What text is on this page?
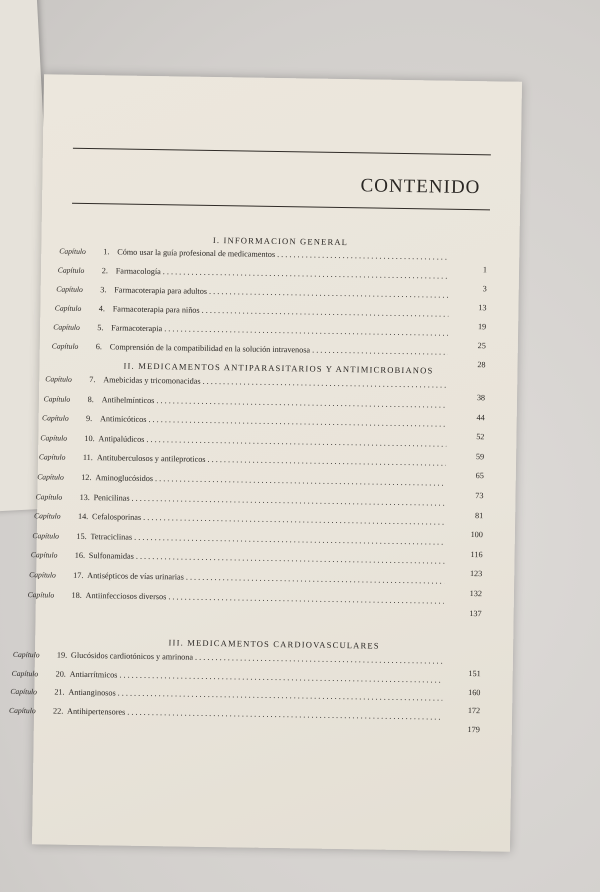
CONTENIDO
I. INFORMACION GENERAL
Capítulo 1. Cómo usar la guía profesional de medicamentos . . .
1
Capítulo 2. Farmacología . . .
3
Capítulo 3. Farmacoterapia para adultos . . .
13
Capítulo 4. Farmacoterapia para niños . . .
19
Capítulo 5. Farmacoterapia . . .
25
Capítulo 6. Comprensión de la compatibilidad en la solución intravenosa . . .
28
II. MEDICAMENTOS ANTIPARASITARIOS Y ANTIMICROBIANOS
Capítulo 7. Amebicidas y tricomonacidas . . .
38
Capítulo 8. Antihelmínticos . . .
44
Capítulo 9. Antimicóticos . . .
52
Capítulo 10. Antipalúdicos . . .
59
Capítulo 11. Antituberculosos y antileproticos . . .
65
Capítulo 12. Aminoglucósidos . . .
73
Capítulo 13. Penicilinas . . .
81
Capítulo 14. Cefalosporinas . . .
100
Capítulo 15. Tetraciclinas . . .
116
Capítulo 16. Sulfonamidas . . .
123
Capítulo 17. Antisépticos de vías urinarias . . .
132
Capítulo 18. Antiinfecciosos diversos . . .
137
III. MEDICAMENTOS CARDIOVASCULARES
Capítulo 19. Glucósidos cardiotónicos y amrinona . . .
151
Capítulo 20. Antiarrítmicos . . .
160
Capítulo 21. Antianginosos . . .
172
Capítulo 22. Antihipertensores . . .
179
